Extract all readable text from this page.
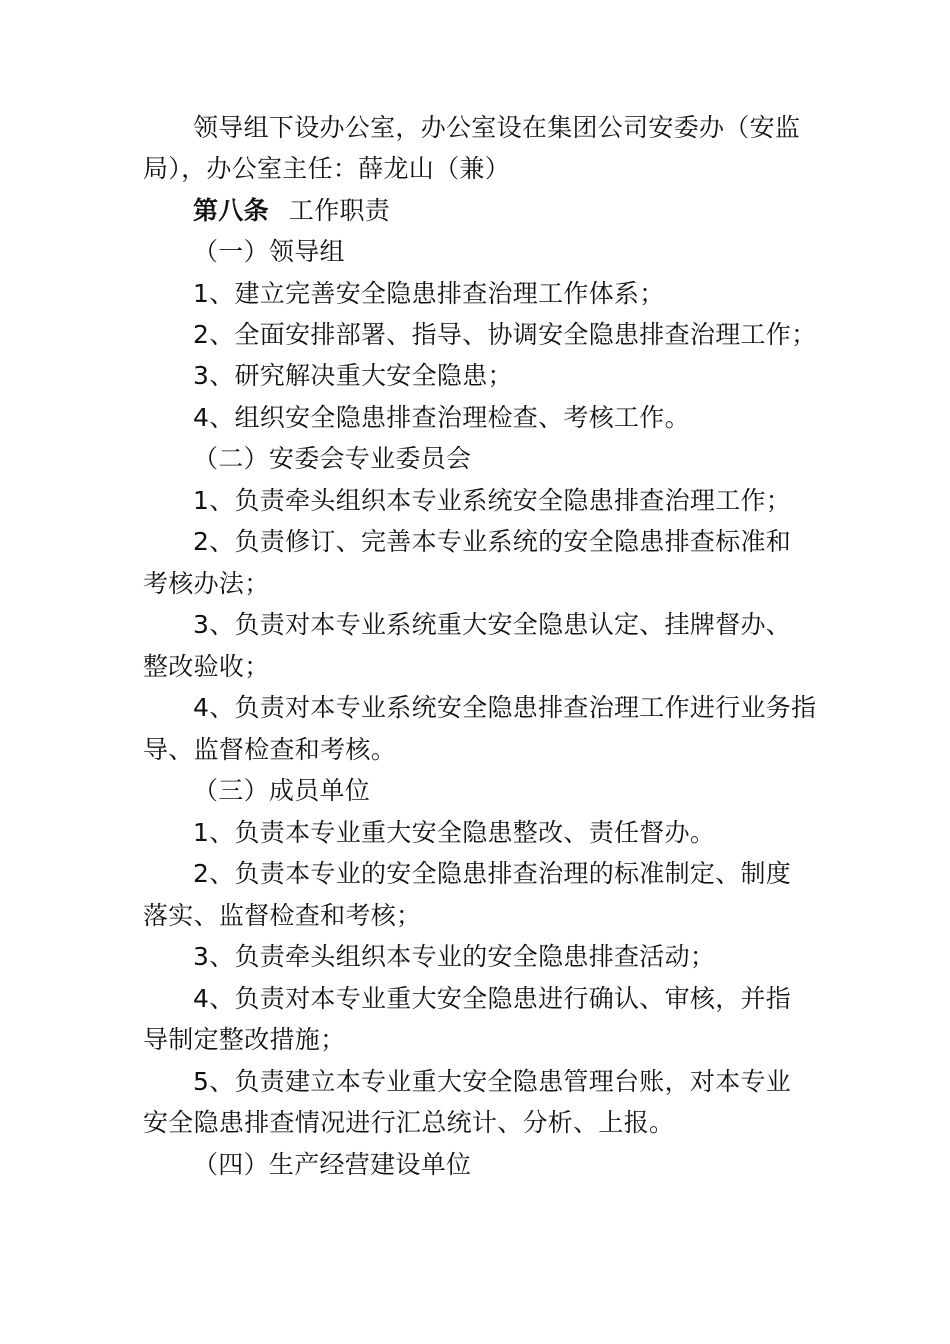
领导组下设办公室，办公室设在集团公司安委办（安监
局），办公室主任：薛龙山（兼）
第八条 工作职责
（一）领导组
1、建立完善安全隐患排查治理工作体系；
2、全面安排部署、指导、协调安全隐患排查治理工作；
3、研究解决重大安全隐患；
4、组织安全隐患排查治理检查、考核工作。
（二）安委会专业委员会
1、负责牵头组织本专业系统安全隐患排查治理工作；
2、负责修订、完善本专业系统的安全隐患排查标准和
考核办法；
3、负责对本专业系统重大安全隐患认定、挂牌督办、
整改验收；
4、负责对本专业系统安全隐患排查治理工作进行业务指
导、监督检查和考核。
（三）成员单位
1、负责本专业重大安全隐患整改、责任督办。
2、负责本专业的安全隐患排查治理的标准制定、制度
落实、监督检查和考核；
3、负责牵头组织本专业的安全隐患排查活动；
4、负责对本专业重大安全隐患进行确认、审核，并指
导制定整改措施；
5、负责建立本专业重大安全隐患管理台账，对本专业
安全隐患排查情况进行汇总统计、分析、上报。
（四）生产经营建设单位
